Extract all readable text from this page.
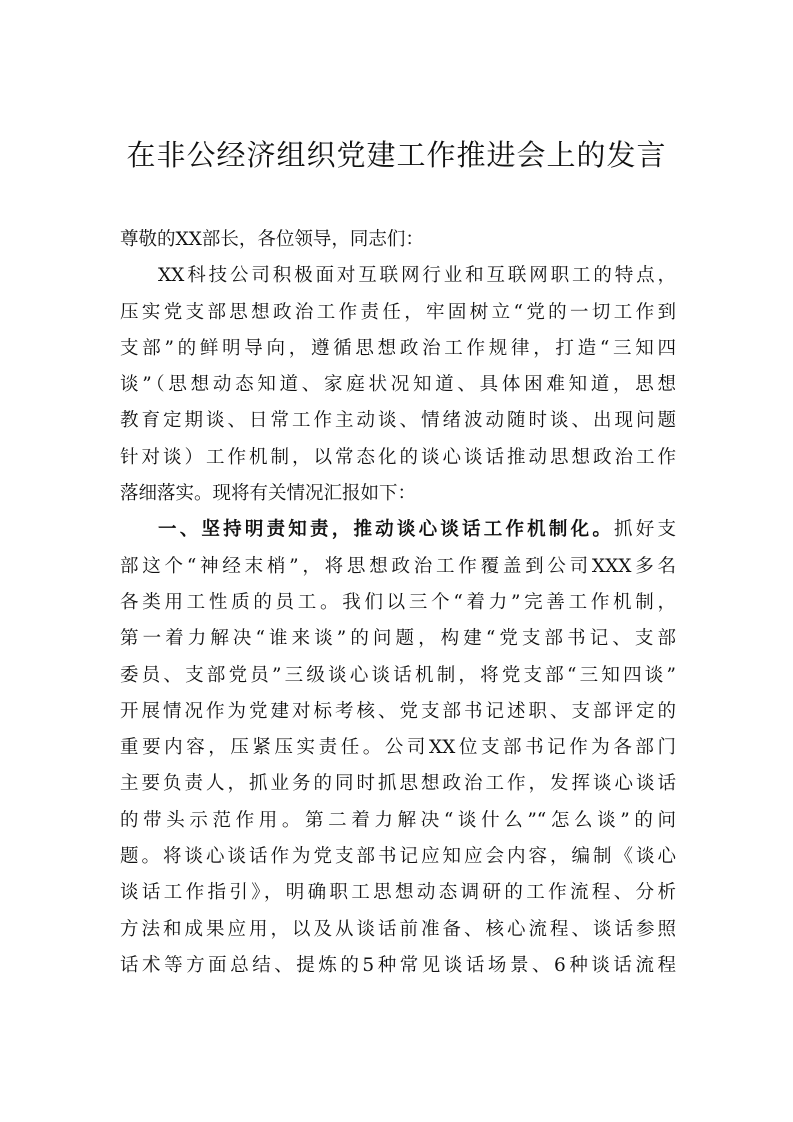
在非公经济组织党建工作推进会上的发言
尊敬的XX部长，各位领导，同志们：
XX科技公司积极面对互联网行业和互联网职工的特点，
压实党支部思想政治工作责任，牢固树立“党的一切工作到
支部”的鲜明导向，遵循思想政治工作规律，打造“三知四
谈”（思想动态知道、家庭状况知道、具体困难知道，思想
教育定期谈、日常工作主动谈、情绪波动随时谈、出现问题
针对谈）工作机制，以常态化的谈心谈话推动思想政治工作
落细落实。现将有关情况汇报如下：
一、坚持明责知责，推动谈心谈话工作机制化。抓好支
部这个“神经末梢”，将思想政治工作覆盖到公司XXX多名
各类用工性质的员工。我们以三个“着力”完善工作机制，
第一着力解决“谁来谈”的问题，构建“党支部书记、支部
委员、支部党员”三级谈心谈话机制，将党支部“三知四谈”
开展情况作为党建对标考核、党支部书记述职、支部评定的
重要内容，压紧压实责任。公司XX位支部书记作为各部门
主要负责人，抓业务的同时抓思想政治工作，发挥谈心谈话
的带头示范作用。第二着力解决“谈什么”“怎么谈”的问
题。将谈心谈话作为党支部书记应知应会内容，编制《谈心
谈话工作指引》，明确职工思想动态调研的工作流程、分析
方法和成果应用，以及从谈话前准备、核心流程、谈话参照
话术等方面总结、提炼的5种常见谈话场景、6种谈话流程
